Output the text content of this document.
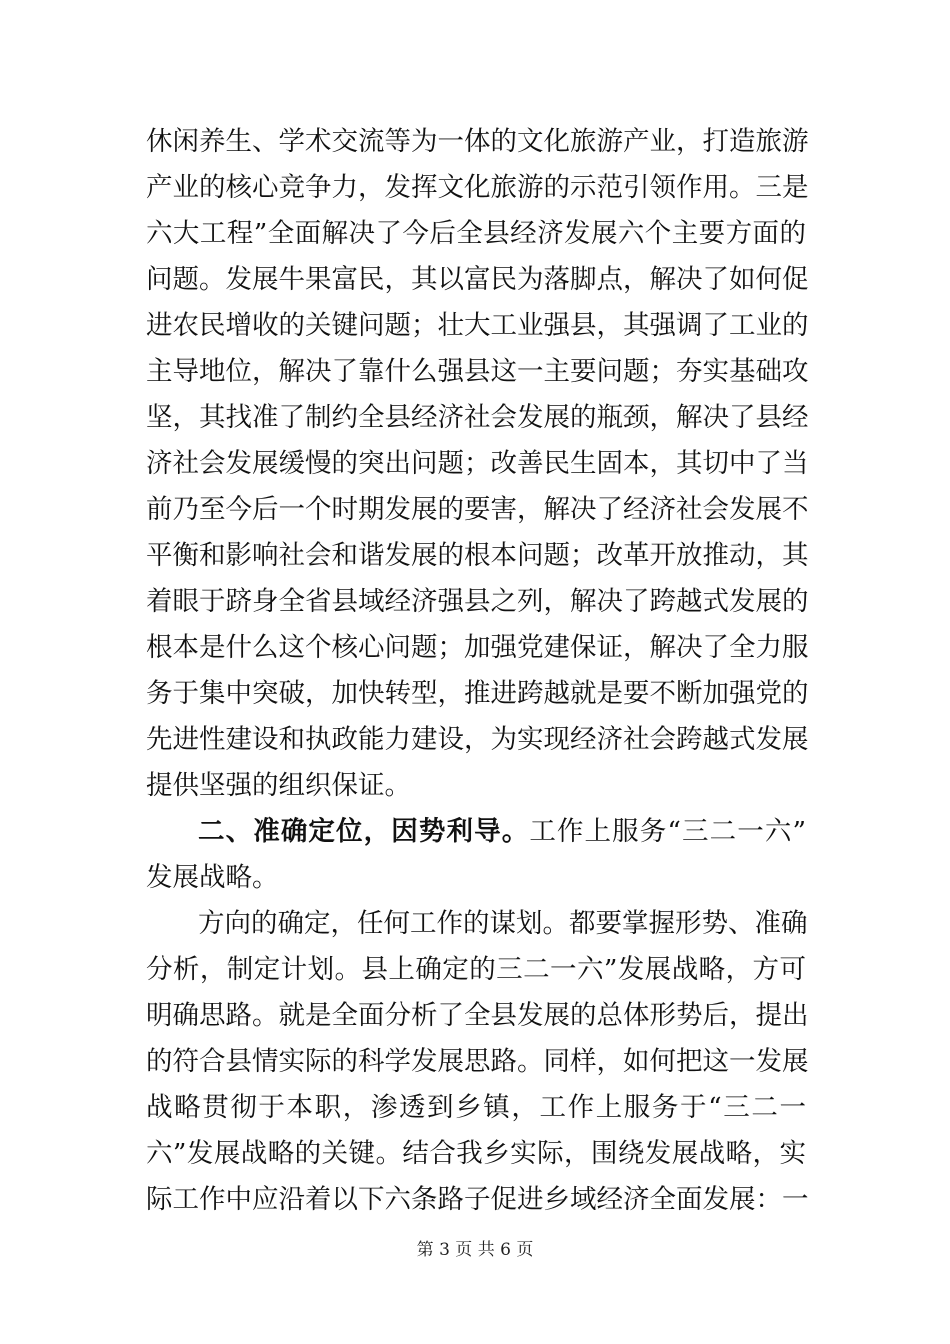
休闲养生、学术交流等为一体的文化旅游产业，打造旅游
产业的核心竞争力，发挥文化旅游的示范引领作用。三是
六大工程”全面解决了今后全县经济发展六个主要方面的
问题。发展牛果富民，其以富民为落脚点，解决了如何促
进农民增收的关键问题；壮大工业强县，其强调了工业的
主导地位，解决了靠什么强县这一主要问题；夯实基础攻
坚，其找准了制约全县经济社会发展的瓶颈，解决了县经
济社会发展缓慢的突出问题；改善民生固本，其切中了当
前乃至今后一个时期发展的要害，解决了经济社会发展不
平衡和影响社会和谐发展的根本问题；改革开放推动，其
着眼于跻身全省县域经济强县之列，解决了跨越式发展的
根本是什么这个核心问题；加强党建保证，解决了全力服
务于集中突破，加快转型，推进跨越就是要不断加强党的
先进性建设和执政能力建设，为实现经济社会跨越式发展
提供坚强的组织保证。
二、准确定位，因势利导。工作上服务“三二一六”
发展战略。
方向的确定，任何工作的谋划。都要掌握形势、准确
分析，制定计划。县上确定的三二一六”发展战略，方可
明确思路。就是全面分析了全县发展的总体形势后，提出
的符合县情实际的科学发展思路。同样，如何把这一发展
战略贯彻于本职，渗透到乡镇，工作上服务于“三二一
六”发展战略的关键。结合我乡实际，围绕发展战略，实
际工作中应沿着以下六条路子促进乡域经济全面发展：一
第 3 页 共 6 页
